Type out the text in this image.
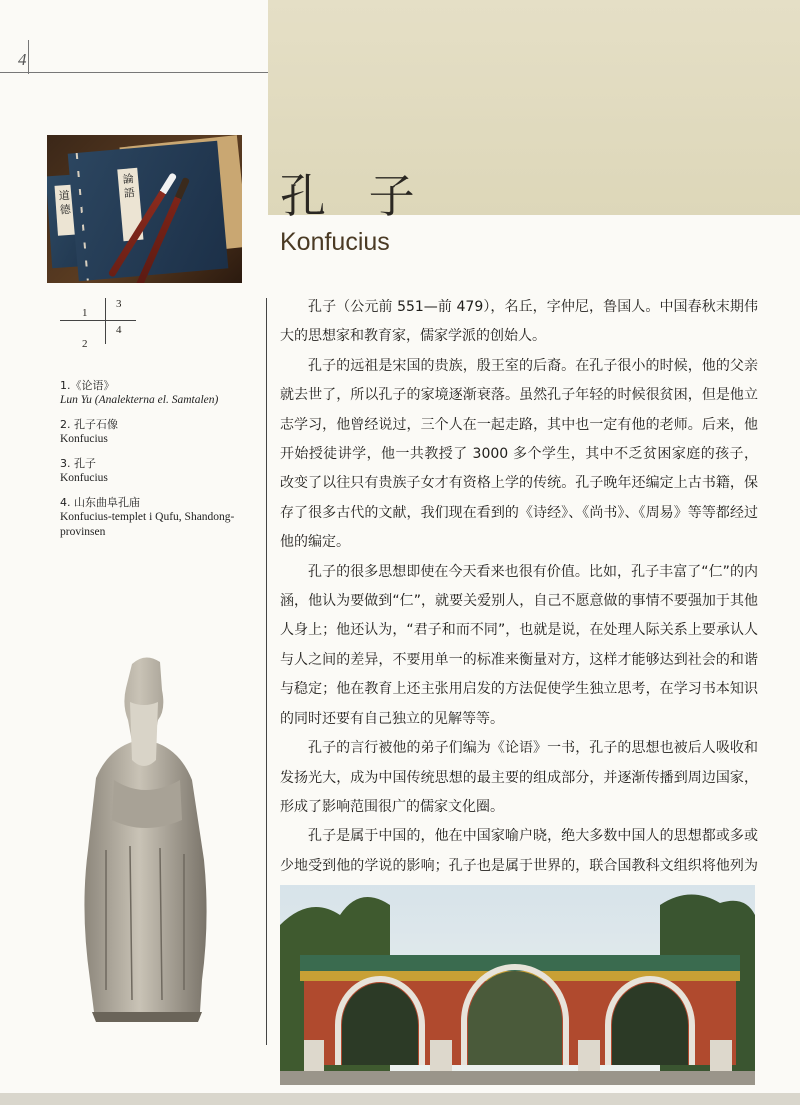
4
道德
論語
1
3
4
2
1.《论语》
Lun Yu (Analekterna el. Samtalen)
2. 孔子石像
Konfucius
3. 孔子
Konfucius
4. 山东曲阜孔庙
Konfucius-templet i Qufu, Shandong-provinsen
孔 子
Konfucius

孔子（公元前 551—前 479），名丘，字仲尼，鲁国人。中国春秋末期伟大的思想家和教育家，儒家学派的创始人。

孔子的远祖是宋国的贵族，殷王室的后裔。在孔子很小的时候，他的父亲就去世了，所以孔子的家境逐渐衰落。虽然孔子年轻的时候很贫困，但是他立志学习，他曾经说过，三个人在一起走路，其中也一定有他的老师。后来，他开始授徒讲学，他一共教授了 3000 多个学生，其中不乏贫困家庭的孩子，改变了以往只有贵族子女才有资格上学的传统。孔子晚年还编定上古书籍，保存了很多古代的文献，我们现在看到的《诗经》、《尚书》、《周易》等等都经过他的编定。

孔子的很多思想即使在今天看来也很有价值。比如，孔子丰富了“仁”的内涵，他认为要做到“仁”，就要关爱别人，自己不愿意做的事情不要强加于其他人身上；他还认为，“君子和而不同”，也就是说，在处理人际关系上要承认人与人之间的差异，不要用单一的标准来衡量对方，这样才能够达到社会的和谐与稳定；他在教育上还主张用启发的方法促使学生独立思考，在学习书本知识的同时还要有自己独立的见解等等。

孔子的言行被他的弟子们编为《论语》一书，孔子的思想也被后人吸收和发扬光大，成为中国传统思想的最主要的组成部分，并逐渐传播到周边国家，形成了影响范围很广的儒家文化圈。

孔子是属于中国的，他在中国家喻户晓，绝大多数中国人的思想都或多或少地受到他的学说的影响；孔子也是属于世界的，联合国教科文组织将他列为
